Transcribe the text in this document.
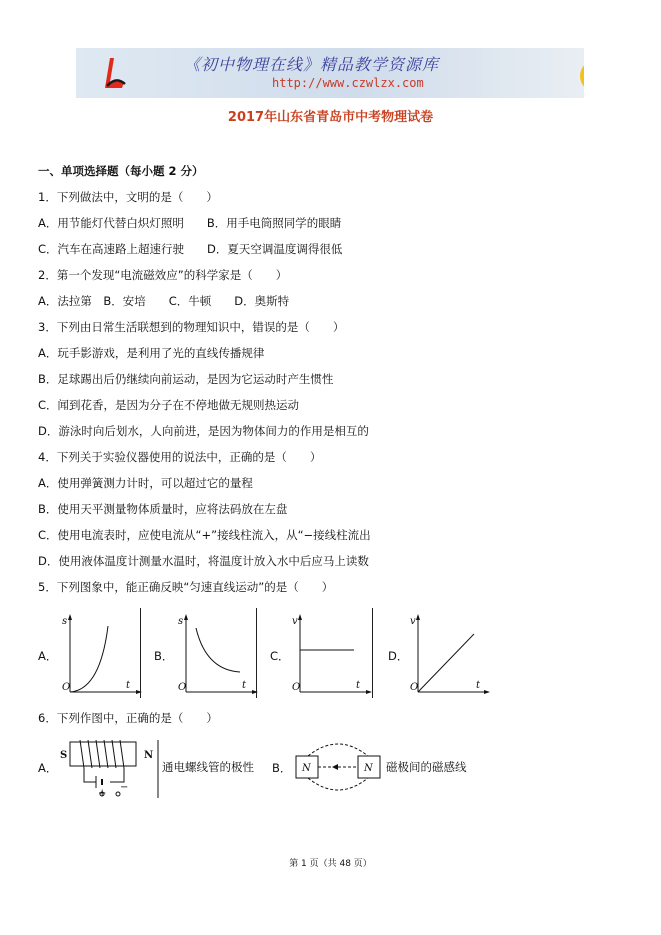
《初中物理在线》精品教学资源库
http://www.czwlzx.com
2017年山东省青岛市中考物理试卷
一、单项选择题（每小题 2 分）
1．下列做法中，文明的是（　　）
A．用节能灯代替白炽灯照明　　B．用手电筒照同学的眼睛
C．汽车在高速路上超速行驶　　D．夏天空调温度调得很低
2．第一个发现“电流磁效应”的科学家是（　　）
A．法拉第　B．安培　　C．牛顿　　D．奥斯特
3．下列由日常生活联想到的物理知识中，错误的是（　　）
A．玩手影游戏，是利用了光的直线传播规律
B．足球踢出后仍继续向前运动，是因为它运动时产生惯性
C．闻到花香，是因为分子在不停地做无规则热运动
D．游泳时向后划水，人向前进，是因为物体间力的作用是相互的
4．下列关于实验仪器使用的说法中，正确的是（　　）
A．使用弹簧测力计时，可以超过它的量程
B．使用天平测量物体质量时，应将法码放在左盘
C．使用电流表时，应使电流从“+”接线柱流入，从“−接线柱流出
D．使用液体温度计测量水温时，将温度计放入水中后应马上读数
5．下列图象中，能正确反映“匀速直线运动”的是（　　）
A．
s
t
O
B．
s
t
O
C．
v
t
O
D．
v
t
O
6．下列作图中，正确的是（　　）
A．
S	N
+
−
通电螺线管的极性 B． N	N 磁极间的磁感线
第 1 页（共 48 页）
